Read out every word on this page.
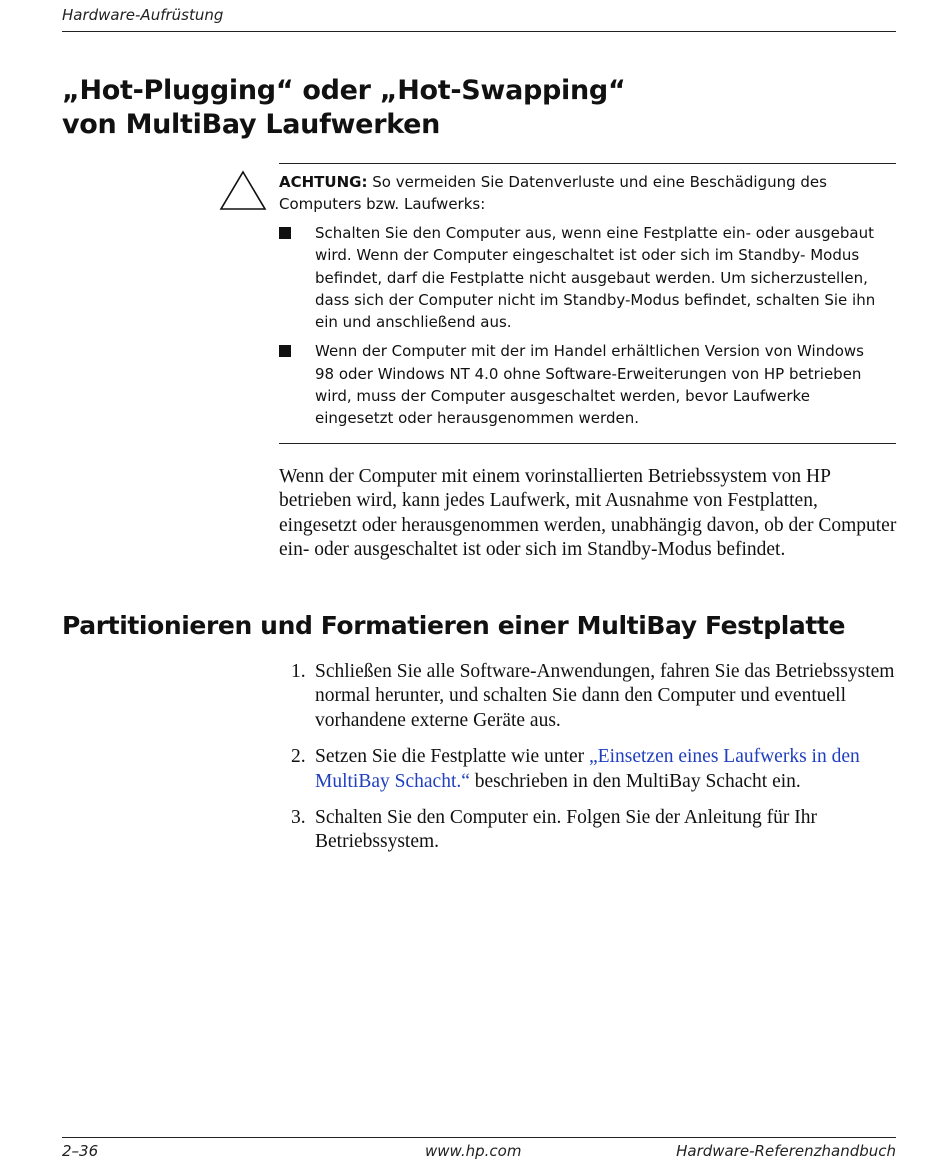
Hardware-Aufrüstung
„Hot-Plugging“ oder „Hot-Swapping“
von MultiBay Laufwerken
ACHTUNG: So vermeiden Sie Datenverluste und eine Beschädigung des Computers bzw. Laufwerks:
Schalten Sie den Computer aus, wenn eine Festplatte ein- oder ausgebaut wird. Wenn der Computer eingeschaltet ist oder sich im Standby- Modus befindet, darf die Festplatte nicht ausgebaut werden. Um sicherzustellen, dass sich der Computer nicht im Standby-Modus befindet, schalten Sie ihn ein und anschließend aus.
Wenn der Computer mit der im Handel erhältlichen Version von Windows 98 oder Windows NT 4.0 ohne Software-Erweiterungen von HP betrieben wird, muss der Computer ausgeschaltet werden, bevor Laufwerke eingesetzt oder herausgenommen werden.
Wenn der Computer mit einem vorinstallierten Betriebssystem von HP betrieben wird, kann jedes Laufwerk, mit Ausnahme von Festplatten, eingesetzt oder herausgenommen werden, unabhängig davon, ob der Computer ein- oder ausgeschaltet ist oder sich im Standby-Modus befindet.
Partitionieren und Formatieren einer MultiBay Festplatte
1. Schließen Sie alle Software-Anwendungen, fahren Sie das Betriebssystem normal herunter, und schalten Sie dann den Computer und eventuell vorhandene externe Geräte aus.
2. Setzen Sie die Festplatte wie unter „Einsetzen eines Laufwerks in den MultiBay Schacht.“ beschrieben in den MultiBay Schacht ein.
3. Schalten Sie den Computer ein. Folgen Sie der Anleitung für Ihr Betriebssystem.
2–36	www.hp.com	Hardware-Referenzhandbuch
